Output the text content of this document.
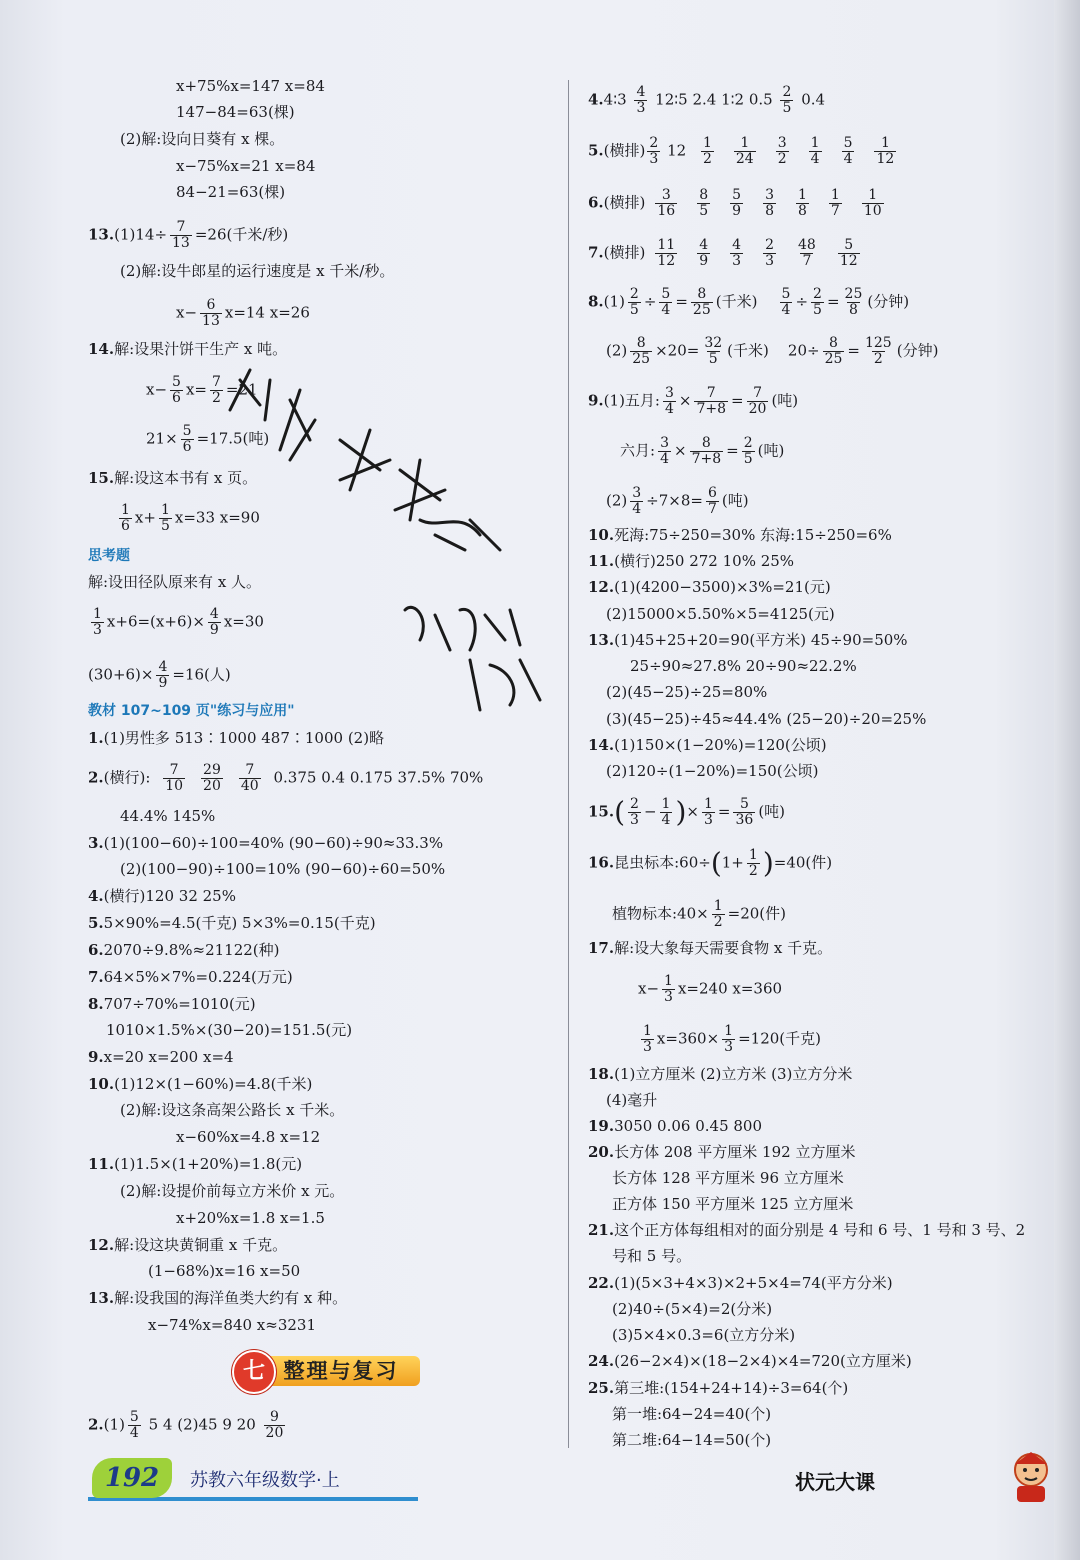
x+75%x=147 x=84
147−84=63(棵)
(2)解:设向日葵有 x 棵。
x−75%x=21 x=84
84−21=63(棵)
$13.(1)14\div \frac{7}{13} =26$(千米/秒)
(2)解:设牛郎星的运行速度是 x 千米/秒。
$x- \frac{6}{13} x=14$ x=26
14.解:设果汁饼干生产 x 吨。
$x- \frac{5}{6} x= \frac{7}{2} =21$
$21\times \frac{5}{6} =17.5$(吨)
15.解:设这本书有 x 页。
$\frac{1}{6} x+ \frac{1}{5} x=33$ x=90
思考题
解:设田径队原来有 x 人。
$\frac{1}{3} x+6=(x+6)\times \frac{4}{9} x=30$
$(30+6)\times \frac{4}{9} =16$(人)
教材 107~109 页"练习与应用"
1.(1)男性多 513∶1000 487∶1000 (2)略
2.(横行): $\frac{7}{10} \frac{29}{20} \frac{7}{40} 0.375$ 0.4 0.175 37.5% 70%
44.4% 145%
3.(1)(100−60)÷100=40% (90−60)÷90≈33.3%
(2)(100−90)÷100=10% (90−60)÷60=50%
4.(横行)120 32 25%
5.5×90%=4.5(千克) 5×3%=0.15(千克)
6.2070÷9.8%≈21122(种)
7.64×5%×7%=0.224(万元)
8.707÷70%=1010(元)
1010×1.5%×(30−20)=151.5(元)
9.x=20 x=200 x=4
10.(1)12×(1−60%)=4.8(千米)
(2)解:设这条高架公路长 x 千米。
x−60%x=4.8 x=12
11.(1)1.5×(1+20%)=1.8(元)
(2)解:设提价前每立方米价 x 元。
x+20%x=1.8 x=1.5
12.解:设这块黄铜重 x 千克。
(1−68%)x=16 x=50
13.解:设我国的海洋鱼类大约有 x 种。
x−74%x=840 x≈3231
$2.(1) \frac{5}{4} 5$ 4 (2)45 9 $20 \frac{9}{20}$
整理与复习
七
4.4∶3 $\frac{4}{3}$ 12∶5 2.4 1∶2 $0.5 \frac{2}{5} 0.4$
5.(横排) $\frac{2}{3} 12 \frac{1}{2} \frac{1}{24} \frac{3}{2} \frac{1}{4} \frac{5}{4} \frac{1}{12}$
6.(横排) $\frac{3}{16} \frac{8}{5} \frac{5}{9} \frac{3}{8} \frac{1}{8} \frac{1}{7} \frac{1}{10}$
7.(横排) $\frac{11}{12} \frac{4}{9} \frac{4}{3} \frac{2}{3} \frac{48}{7} \frac{5}{12}$
$8.(1) \frac{2}{5} \div \frac{5}{4} = \frac{8}{25}$ (千米) $\frac{5}{4} \div \frac{2}{5} = \frac{25}{8}$ (分钟)
$(2) \frac{8}{25} \times 20= \frac{32}{5}$ (千米)    $20\div \frac{8}{25} = \frac{125}{2}$ (分钟)
9.(1)五月: $\frac{3}{4} \times \frac{7}{7+8} = \frac{7}{20}$ (吨)
六月: $\frac{3}{4} \times \frac{8}{7+8} = \frac{2}{5}$ (吨)
$(2) \frac{3}{4} \div 7\times 8= \frac{6}{7}$ (吨)
10.死海:75÷250=30% 东海:15÷250=6%
11.(横行)250 272 10% 25%
12.(1)(4200−3500)×3%=21(元)
(2)15000×5.50%×5=4125(元)
13.(1)45+25+20=90(平方米) 45÷90=50%
25÷90≈27.8% 20÷90≈22.2%
(2)(45−25)÷25=80%
(3)(45−25)÷45≈44.4% (25−20)÷20=25%
14.(1)150×(1−20%)=120(公顷)
(2)120÷(1−20%)=150(公顷)
$15.( \frac{2}{3} - \frac{1}{4}$ )× $\frac{1}{3} = \frac{5}{36}$ (吨)
16.昆虫标本:60÷(1+ $\frac{1}{2} )=40$(件)
植物标本:40× $\frac{1}{2} =20$(件)
17.解:设大象每天需要食物 x 千克。
$x- \frac{1}{3} x=240$ x=360
$\frac{1}{3} x=360\times \frac{1}{3} =120$(千克)
18.(1)立方厘米 (2)立方米 (3)立方分米
(4)毫升
19.3050 0.06 0.45 800
20.长方体 208 平方厘米 192 立方厘米
长方体 128 平方厘米 96 立方厘米
正方体 150 平方厘米 125 立方厘米
21.这个正方体每组相对的面分别是 4 号和 6 号、1 号和 3 号、2
号和 5 号。
22.(1)(5×3+4×3)×2+5×4=74(平方分米)
(2)40÷(5×4)=2(分米)
(3)5×4×0.3=6(立方分米)
24.(26−2×4)×(18−2×4)×4=720(立方厘米)
25.第三堆:(154+24+14)÷3=64(个)
第一堆:64−24=40(个)
第二堆:64−14=50(个)
192	苏教六年级数学·上	状元大课
